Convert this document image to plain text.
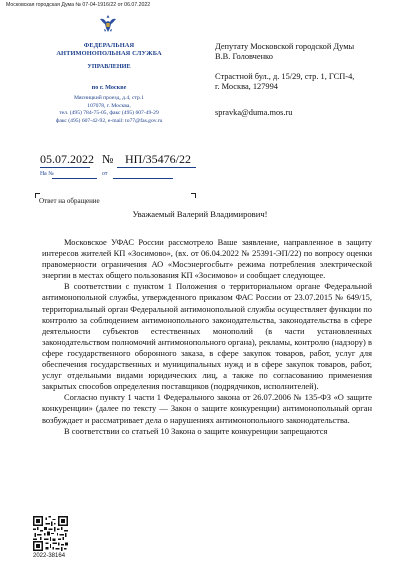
Московская городская Дума № 07-04-1916/22 от 06.07.2022
ФЕДЕРАЛЬНАЯ
АНТИМОНОПОЛЬНАЯ СЛУЖБА
УПРАВЛЕНИЕ
по г. Москве
Мясницкий проезд, д.4, стр.1
107078, г. Москва,
тел. (495) 784-75-05, факс (495) 607-49-29
факс (495) 607-42-92, e-mail: to77@fas.gov.ru
05.07.2022 № НП/35476/22
На №	от
Ответ на обращение
Депутату Московской городской Думы
В.В. Головченко
Страстной бул., д. 15/29, стр. 1, ГСП-4,
г. Москва, 127994
spravka@duma.mos.ru
Уважаемый Валерий Владимирович!

Московское УФАС России рассмотрело Ваше заявление, направленное в защиту интересов жителей КП «Зосимово», (вх. от 06.04.2022 № 25391-ЭП/22) по вопросу оценки правомерности ограничения АО «Мосэнергосбыт» режима потребления электрической энергии в местах общего пользования КП «Зосимово» и сообщает следующее.

В соответствии с пунктом 1 Положения о территориальном органе Федеральной антимонопольной службы, утвержденного приказом ФАС России от 23.07.2015 № 649/15, территориальный орган Федеральной антимонопольной службы осуществляет функции по контролю за соблюдением антимонопольного законодательства, законодательства в сфере деятельности субъектов естественных монополий (в части установленных законодательством полномочий антимонопольного органа), рекламы, контролю (надзору) в сфере государственного оборонного заказа, в сфере закупок товаров, работ, услуг для обеспечения государственных и муниципальных нужд и в сфере закупок товаров, работ, услуг отдельными видами юридических лиц, а также по согласованию применения закрытых способов определения поставщиков (подрядчиков, исполнителей).

Согласно пункту 1 части 1 Федерального закона от 26.07.2006 № 135-ФЗ «О защите конкуренции» (далее по тексту — Закон о защите конкуренции) антимонопольный орган возбуждает и рассматривает дела о нарушениях антимонопольного законодательства.

В соответствии со статьей 10 Закона о защите конкуренции запрещаются

2022-38164
